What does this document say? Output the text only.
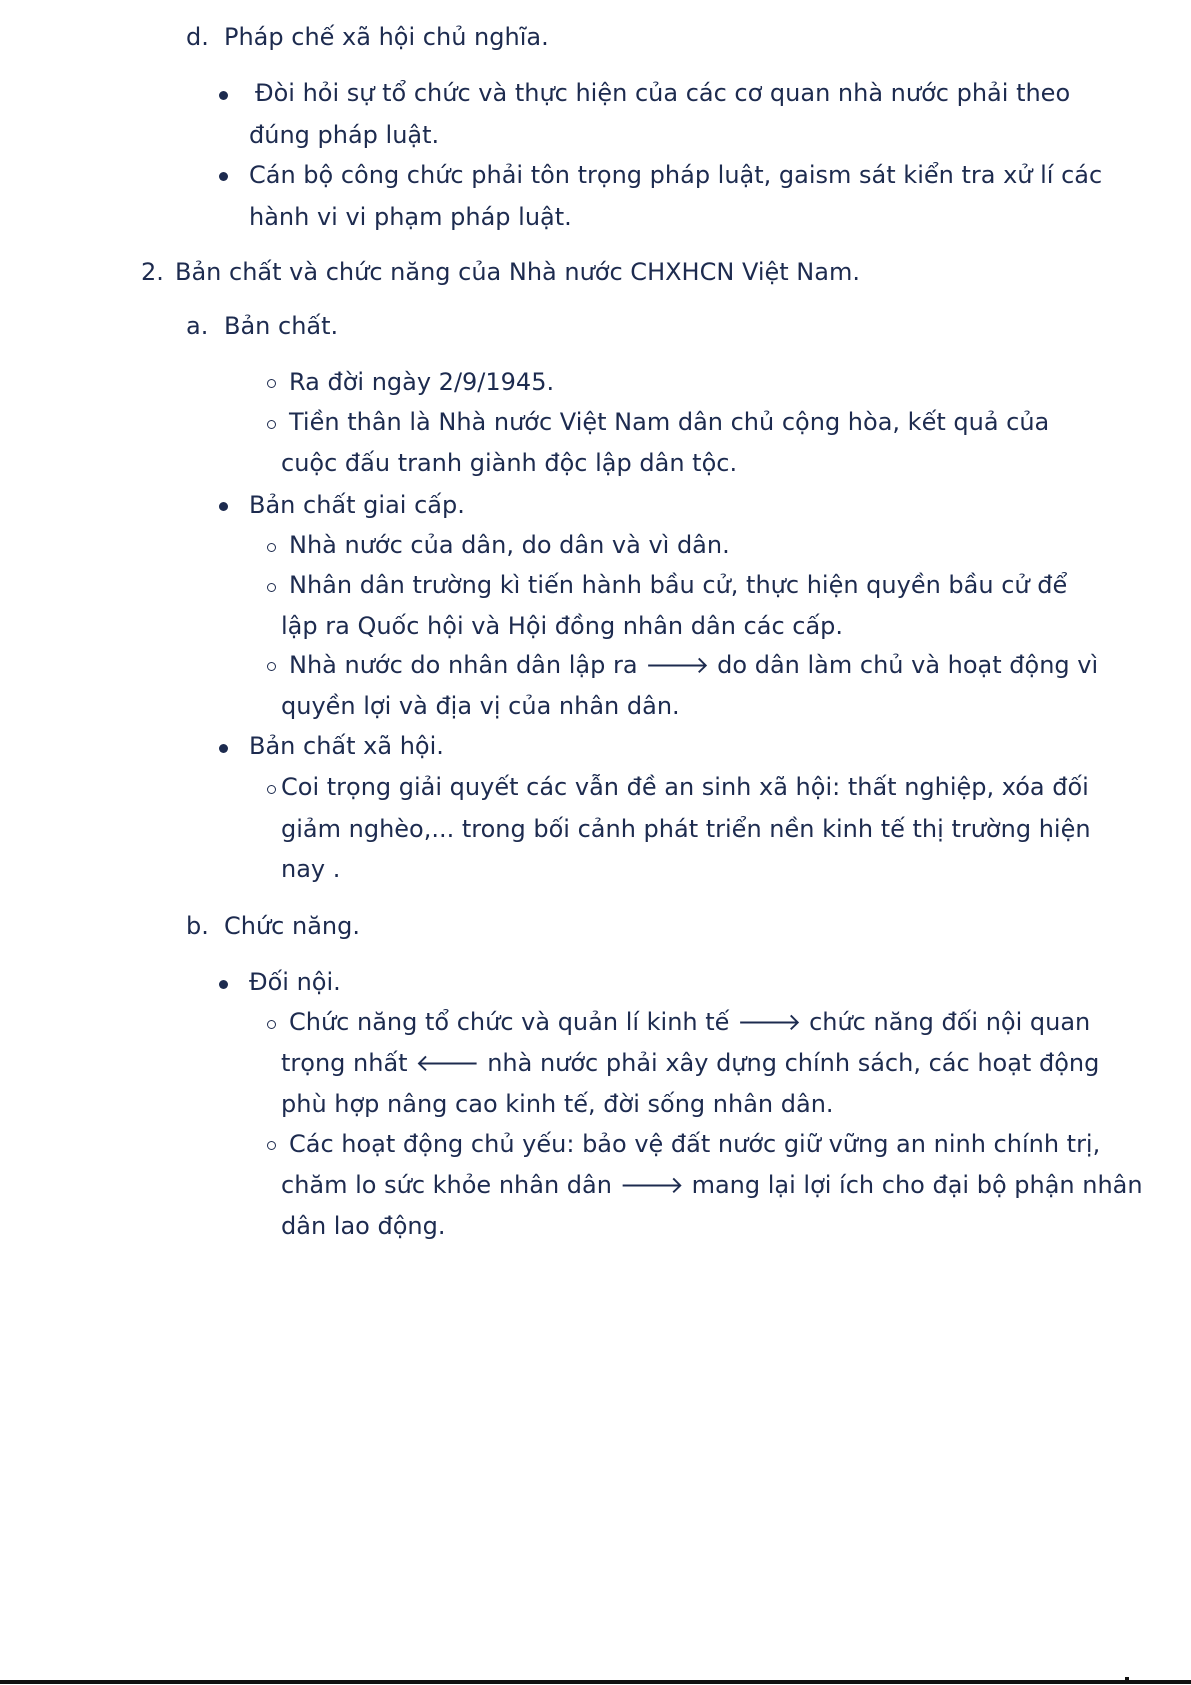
d. Pháp chế xã hội chủ nghĩa.
Đòi hỏi sự tổ chức và thực hiện của các cơ quan nhà nước phải theo
đúng pháp luật.
Cán bộ công chức phải tôn trọng pháp luật, gaism sát kiển tra xử lí các
hành vi vi phạm pháp luật.
2. Bản chất và chức năng của Nhà nước CHXHCN Việt Nam.
a. Bản chất.
Ra đời ngày 2/9/1945.
Tiền thân là Nhà nước Việt Nam dân chủ cộng hòa, kết quả của
cuộc đấu tranh giành độc lập dân tộc.
Bản chất giai cấp.
Nhà nước của dân, do dân và vì dân.
Nhân dân trường kì tiến hành bầu cử, thực hiện quyền bầu cử để
lập ra Quốc hội và Hội đồng nhân dân các cấp.
Nhà nước do nhân dân lập ra 🡒 do dân làm chủ và hoạt động vì
quyền lợi và địa vị của nhân dân.
Bản chất xã hội.
Coi trọng giải quyết các vẫn đề an sinh xã hội: thất nghiệp, xóa đối
giảm nghèo,... trong bối cảnh phát triển nền kinh tế thị trường hiện
nay .
b. Chức năng.
Đối nội.
Chức năng tổ chức và quản lí kinh tế 🡒 chức năng đối nội quan
trọng nhất 🡐 nhà nước phải xây dựng chính sách, các hoạt động
phù hợp nâng cao kinh tế, đời sống nhân dân.
Các hoạt động chủ yếu: bảo vệ đất nước giữ vững an ninh chính trị,
chăm lo sức khỏe nhân dân 🡒 mang lại lợi ích cho đại bộ phận nhân
dân lao động.
